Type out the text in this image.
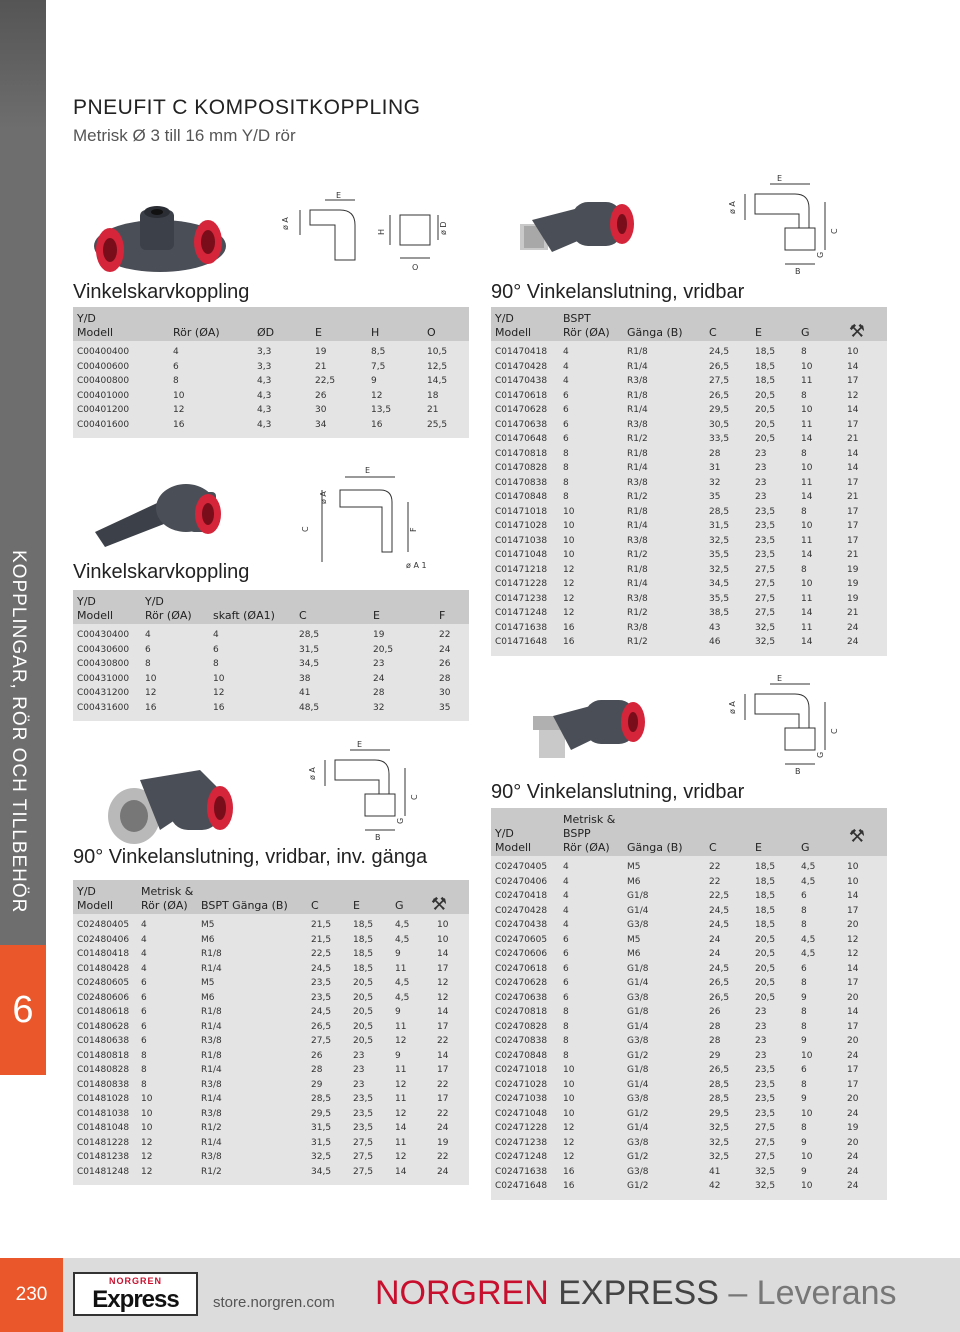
KOPPLINGAR, RÖR OCH TILLBEHÖR
6
PNEUFIT C KOMPOSITKOPPLING
Metrisk Ø 3 till 16 mm Y/D rör
ø A
E
H
O
ø D
Vinkelskarvkoppling
Y/D
Modell	Rör (ØA)	ØD	E	H	O
C00400400	4	3,3	19	8,5	10,5
C00400600	6	3,3	21	7,5	12,5
C00400800	8	4,3	22,5	9	14,5
C00401000	10	4,3	26	12	18
C00401200	12	4,3	30	13,5	21
C00401600	16	4,3	34	16	25,5
C
ø A
E
F
ø A 1
Vinkelskarvkoppling
Y/D	Y/D
Modell	Rör (ØA)	skaft (ØA1)	C	E	F
C00430400	4	4	28,5	19	22
C00430600	6	6	31,5	20,5	24
C00430800	8	8	34,5	23	26
C00431000	10	10	38	24	28
C00431200	12	12	41	28	30
C00431600	16	16	48,5	32	35
ø A
E
B
G
C
90° Vinkelanslutning, vridbar, inv. gänga
Y/D	Metrisk &
Modell	Rör (ØA)	BSPT Gänga (B)	C	E	G	⚒
C02480405	4	M5	21,5	18,5	4,5	10
C02480406	4	M6	21,5	18,5	4,5	10
C01480418	4	R1/8	22,5	18,5	9	14
C01480428	4	R1/4	24,5	18,5	11	17
C02480605	6	M5	23,5	20,5	4,5	12
C02480606	6	M6	23,5	20,5	4,5	12
C01480618	6	R1/8	24,5	20,5	9	14
C01480628	6	R1/4	26,5	20,5	11	17
C01480638	6	R3/8	27,5	20,5	12	22
C01480818	8	R1/8	26	23	9	14
C01480828	8	R1/4	28	23	11	17
C01480838	8	R3/8	29	23	12	22
C01481028	10	R1/4	28,5	23,5	11	17
C01481038	10	R3/8	29,5	23,5	12	22
C01481048	10	R1/2	31,5	23,5	14	24
C01481228	12	R1/4	31,5	27,5	11	19
C01481238	12	R3/8	32,5	27,5	12	22
C01481248	12	R1/2	34,5	27,5	14	24
ø A
E
B
G
C
90° Vinkelanslutning, vridbar
Y/D	BSPT
Modell	Rör (ØA)	Gänga (B)	C	E	G	⚒
C01470418	4	R1/8	24,5	18,5	8	10
C01470428	4	R1/4	26,5	18,5	10	14
C01470438	4	R3/8	27,5	18,5	11	17
C01470618	6	R1/8	26,5	20,5	8	12
C01470628	6	R1/4	29,5	20,5	10	14
C01470638	6	R3/8	30,5	20,5	11	17
C01470648	6	R1/2	33,5	20,5	14	21
C01470818	8	R1/8	28	23	8	14
C01470828	8	R1/4	31	23	10	14
C01470838	8	R3/8	32	23	11	17
C01470848	8	R1/2	35	23	14	21
C01471018	10	R1/8	28,5	23,5	8	17
C01471028	10	R1/4	31,5	23,5	10	17
C01471038	10	R3/8	32,5	23,5	11	17
C01471048	10	R1/2	35,5	23,5	14	21
C01471218	12	R1/8	32,5	27,5	8	19
C01471228	12	R1/4	34,5	27,5	10	19
C01471238	12	R3/8	35,5	27,5	11	19
C01471248	12	R1/2	38,5	27,5	14	21
C01471638	16	R3/8	43	32,5	11	24
C01471648	16	R1/2	46	32,5	14	24
ø A
E
B
G
C
90° Vinkelanslutning, vridbar
Metrisk &
Y/D	BSPP
Modell	Rör (ØA)	Gänga (B)	C	E	G
⚒
C02470405	4	M5	22	18,5	4,5	10
C02470406	4	M6	22	18,5	4,5	10
C02470418	4	G1/8	22,5	18,5	6	14
C02470428	4	G1/4	24,5	18,5	8	17
C02470438	4	G3/8	24,5	18,5	8	20
C02470605	6	M5	24	20,5	4,5	12
C02470606	6	M6	24	20,5	4,5	12
C02470618	6	G1/8	24,5	20,5	6	14
C02470628	6	G1/4	26,5	20,5	8	17
C02470638	6	G3/8	26,5	20,5	9	20
C02470818	8	G1/8	26	23	8	14
C02470828	8	G1/4	28	23	8	17
C02470838	8	G3/8	28	23	9	20
C02470848	8	G1/2	29	23	10	24
C02471018	10	G1/8	26,5	23,5	6	17
C02471028	10	G1/4	28,5	23,5	8	17
C02471038	10	G3/8	28,5	23,5	9	20
C02471048	10	G1/2	29,5	23,5	10	24
C02471228	12	G1/4	32,5	27,5	8	19
C02471238	12	G3/8	32,5	27,5	9	20
C02471248	12	G1/2	32,5	27,5	10	24
C02471638	16	G3/8	41	32,5	9	24
C02471648	16	G1/2	42	32,5	10	24
230
NORGREN
Express	store.norgren.com NORGREN EXPRESS – Leverans
